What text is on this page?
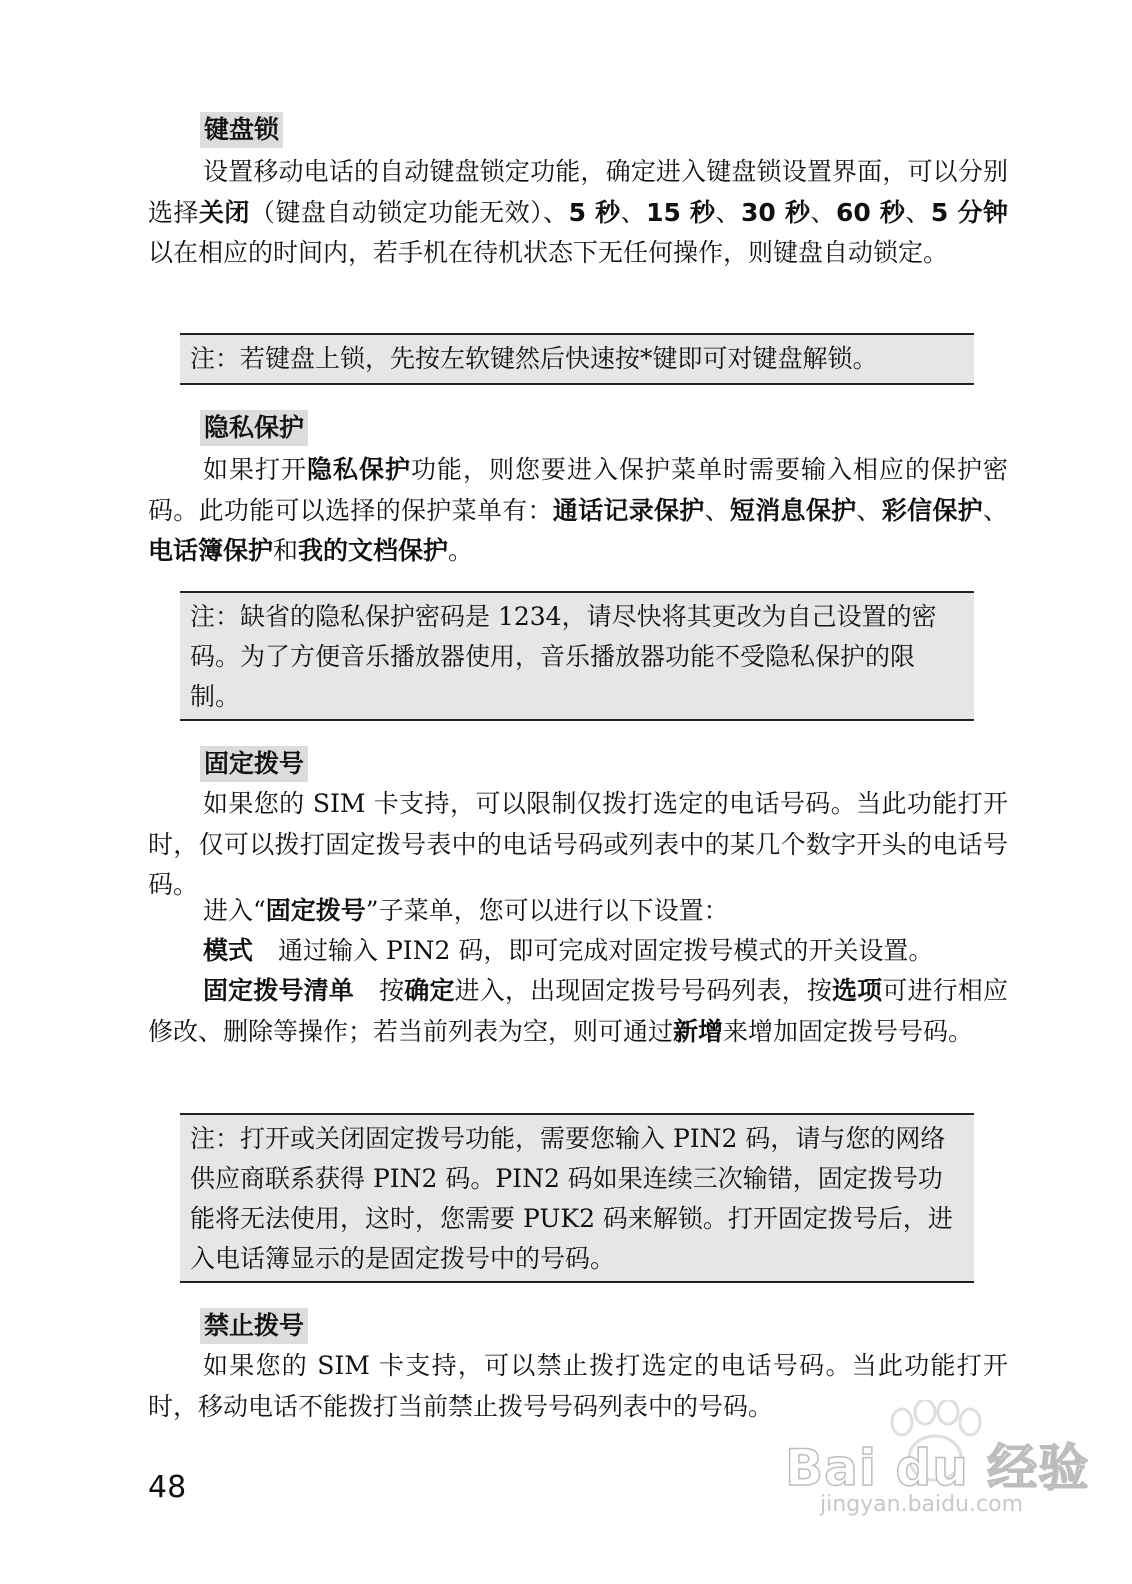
键盘锁

设置移动电话的自动键盘锁定功能，确定进入键盘锁设置界面，可以分别选择关闭（键盘自动锁定功能无效）、5 秒、15 秒、30 秒、60 秒、5 分钟以在相应的时间内，若手机在待机状态下无任何操作，则键盘自动锁定。

注：若键盘上锁，先按左软键然后快速按*键即可对键盘解锁。
隐私保护

如果打开隐私保护功能，则您要进入保护菜单时需要输入相应的保护密码。此功能可以选择的保护菜单有：通话记录保护、短消息保护、彩信保护、电话簿保护和我的文档保护。

注：缺省的隐私保护密码是 1234，请尽快将其更改为自己设置的密码。为了方便音乐播放器使用，音乐播放器功能不受隐私保护的限制。
固定拨号

如果您的 SIM 卡支持，可以限制仅拨打选定的电话号码。当此功能打开时，仅可以拨打固定拨号表中的电话号码或列表中的某几个数字开头的电话号码。

进入“固定拨号”子菜单，您可以进行以下设置：

模式　通过输入 PIN2 码，即可完成对固定拨号模式的开关设置。

固定拨号清单　按确定进入，出现固定拨号号码列表，按选项可进行相应修改、删除等操作；若当前列表为空，则可通过新增来增加固定拨号号码。

注：打开或关闭固定拨号功能，需要您输入 PIN2 码，请与您的网络供应商联系获得 PIN2 码。PIN2 码如果连续三次输错，固定拨号功能将无法使用，这时，您需要 PUK2 码来解锁。打开固定拨号后，进入电话簿显示的是固定拨号中的号码。
禁止拨号

如果您的 SIM 卡支持，可以禁止拨打选定的电话号码。当此功能打开时，移动电话不能拨打当前禁止拨号号码列表中的号码。

48	Bai du 经验
jingyan.baidu.com
